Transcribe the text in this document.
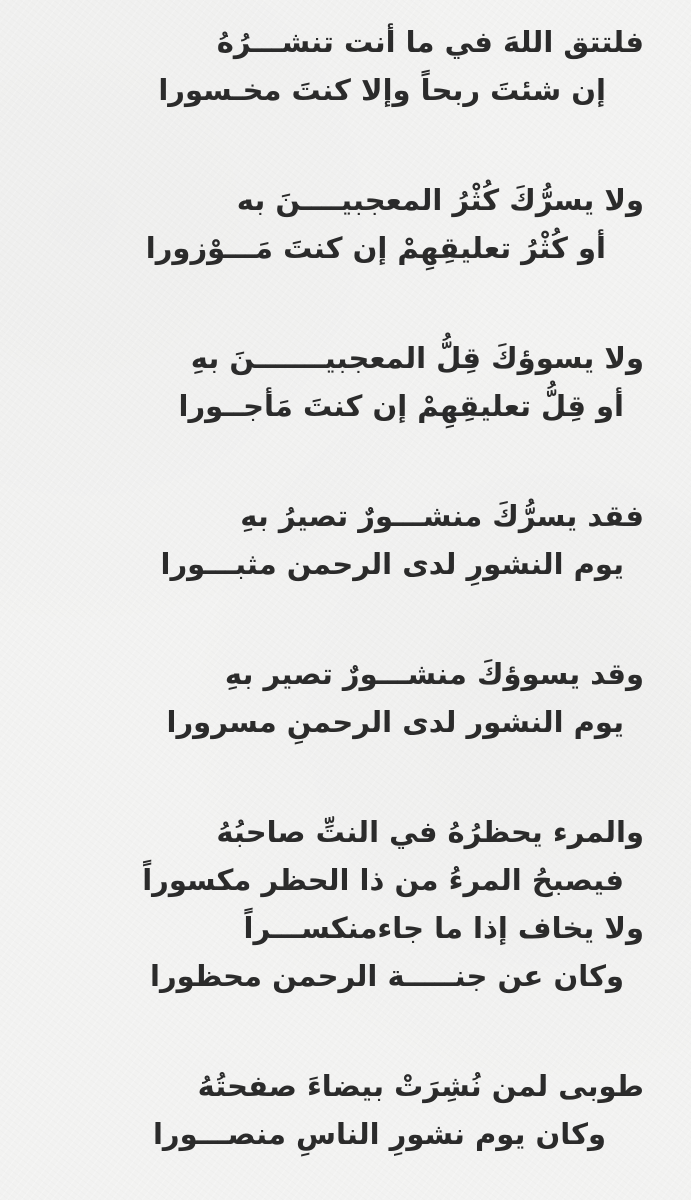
فلتتق اللهَ في ما أنت تنشـــرُهُ
إن شئتَ ربحاً وإلا كنتَ مخـسورا
ولا يسرُّكَ كُثْرُ المعجبيــــنَ به
أو كُثْرُ تعليقِهِمْ إن كنتَ مَـــوْزورا
ولا يسوؤكَ قِلُّ المعجبيـــــــنَ بهِ
أو قِلُّ تعليقِهِمْ إن كنتَ مَأجــورا
فقد يسرُّكَ منشـــورٌ تصيرُ بهِ
يوم النشورِ لدى الرحمن مثبـــورا
وقد يسوؤكَ منشـــورٌ تصير بهِ
يوم النشور لدى الرحمنِ مسرورا
والمرء يحظرُهُ في النتِّ صاحبُهُ
فيصبحُ المرءُ من ذا الحظر مكسوراً
ولا يخاف إذا ما جاءمنكســـراً
وكان عن جنـــــة الرحمن محظورا
طوبى لمن نُشِرَتْ بيضاءَ صفحتُهُ
وكان يوم نشورِ الناسِ منصـــورا
